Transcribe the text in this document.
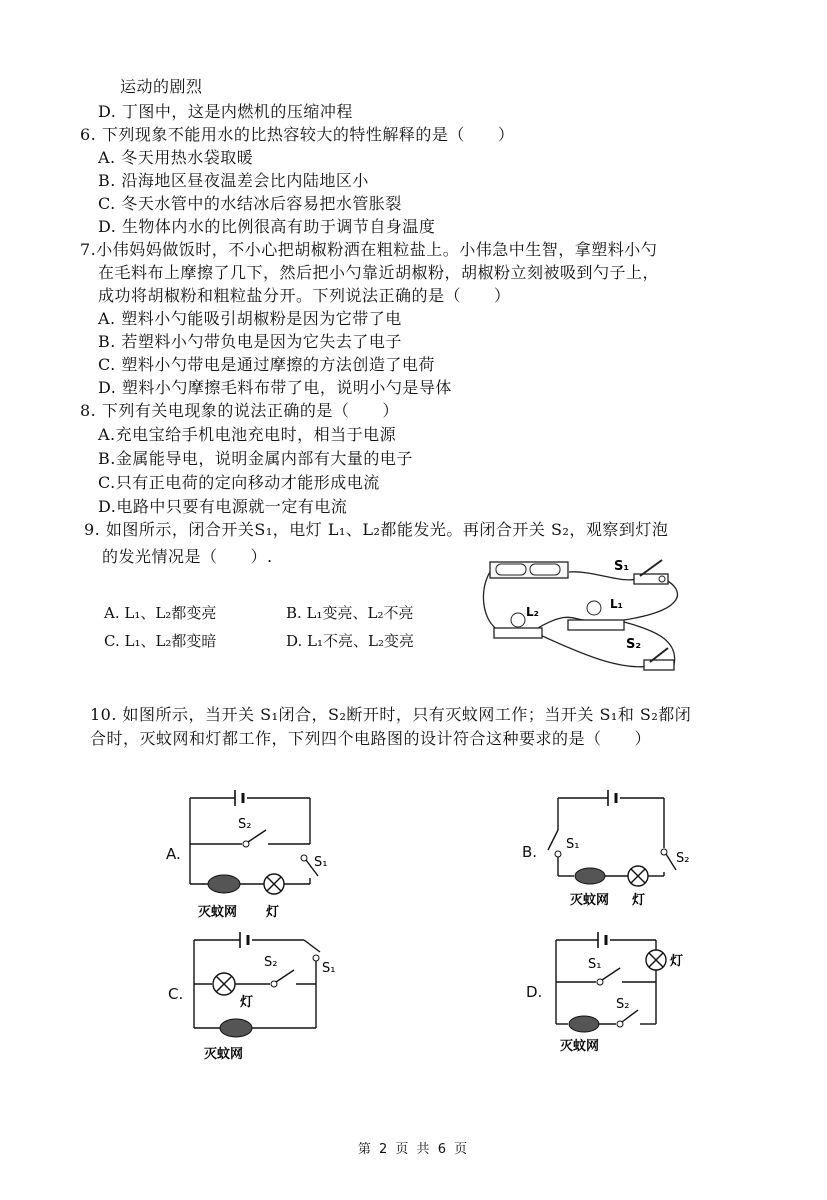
运动的剧烈
D. 丁图中，这是内燃机的压缩冲程
6. 下列现象不能用水的比热容较大的特性解释的是（　　）
A. 冬天用热水袋取暖
B. 沿海地区昼夜温差会比内陆地区小
C. 冬天水管中的水结冰后容易把水管胀裂
D. 生物体内水的比例很高有助于调节自身温度
7.小伟妈妈做饭时，不小心把胡椒粉洒在粗粒盐上。小伟急中生智，拿塑料小勺
在毛料布上摩擦了几下，然后把小勺靠近胡椒粉，胡椒粉立刻被吸到勺子上，
成功将胡椒粉和粗粒盐分开。下列说法正确的是（　　）
A. 塑料小勺能吸引胡椒粉是因为它带了电
B. 若塑料小勺带负电是因为它失去了电子
C. 塑料小勺带电是通过摩擦的方法创造了电荷
D. 塑料小勺摩擦毛料布带了电，说明小勺是导体
8. 下列有关电现象的说法正确的是（　　）
A.充电宝给手机电池充电时，相当于电源
B.金属能导电，说明金属内部有大量的电子
C.只有正电荷的定向移动才能形成电流
D.电路中只要有电源就一定有电流
9. 如图所示，闭合开关S₁，电灯 L₁、L₂都能发光。再闭合开关 S₂，观察到灯泡
的发光情况是（　　）.
A. L₁、L₂都变亮	B. L₁变亮、L₂不亮
C. L₁、L₂都变暗	D. L₁不亮、L₂变亮
S₁
L₂
L₁
S₂
10. 如图所示，当开关 S₁闭合，S₂断开时，只有灭蚊网工作；当开关 S₁和 S₂都闭
合时，灭蚊网和灯都工作，下列四个电路图的设计符合这种要求的是（　　）
A.
S₂
S₁
灭蚊网 灯
B. S₁
S₂
灭蚊网 灯
C.
S₁
S₂
灯
灭蚊网
D.
灯
S₁
S₂
灭蚊网
第 2 页 共 6 页
